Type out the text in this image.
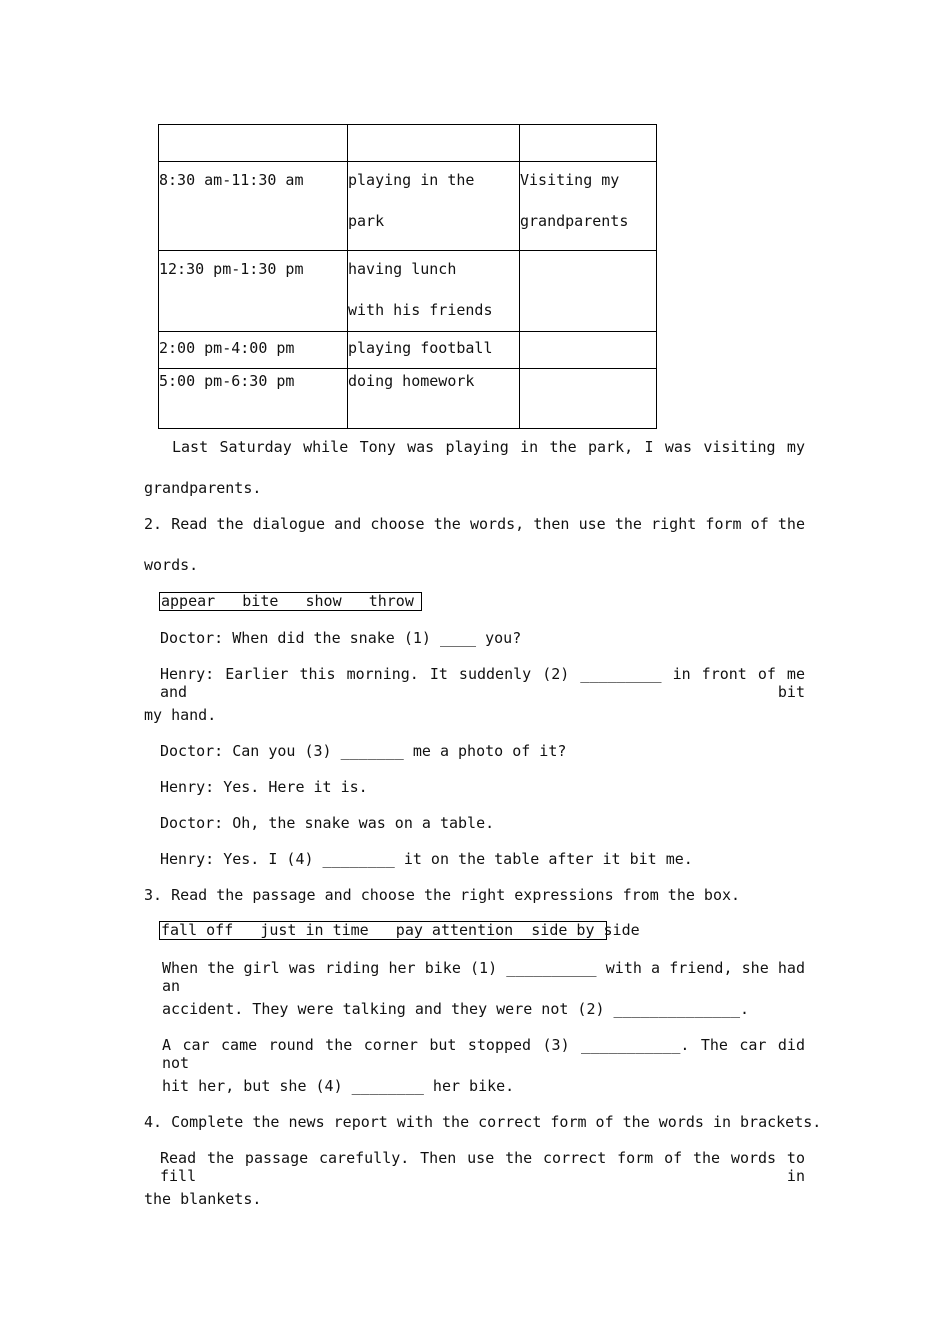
8:30 am-11:30 am	playing in the park	Visiting my grandparents

12:30 pm-1:30 pm	having lunch with his friends	

2:00 pm-4:00 pm	playing football	

5:00 pm-6:30 pm	doing homework	

Last Saturday while Tony was playing in the park, I was visiting my
grandparents.
2. Read the dialogue and choose the words, then use the right form of the
words.
appear   bite   show   throw
Doctor: When did the snake (1) ____ you?
Henry: Earlier this morning. It suddenly (2) _________ in front of me and bit
my hand.
Doctor: Can you (3) _______ me a photo of it?
Henry: Yes. Here it is.
Doctor: Oh, the snake was on a table.
Henry: Yes. I (4) ________ it on the table after it bit me.
3. Read the passage and choose the right expressions from the box.
fall off   just in time   pay attention  side by side
When the girl was riding her bike (1) __________ with a friend, she had an
accident. They were talking and they were not (2) ______________.
A car came round the corner but stopped (3) ___________. The car did not
hit her, but she (4) ________ her bike.
4. Complete the news report with the correct form of the words in brackets.
Read the passage carefully. Then use the correct form of the words to fill in
the blankets.
